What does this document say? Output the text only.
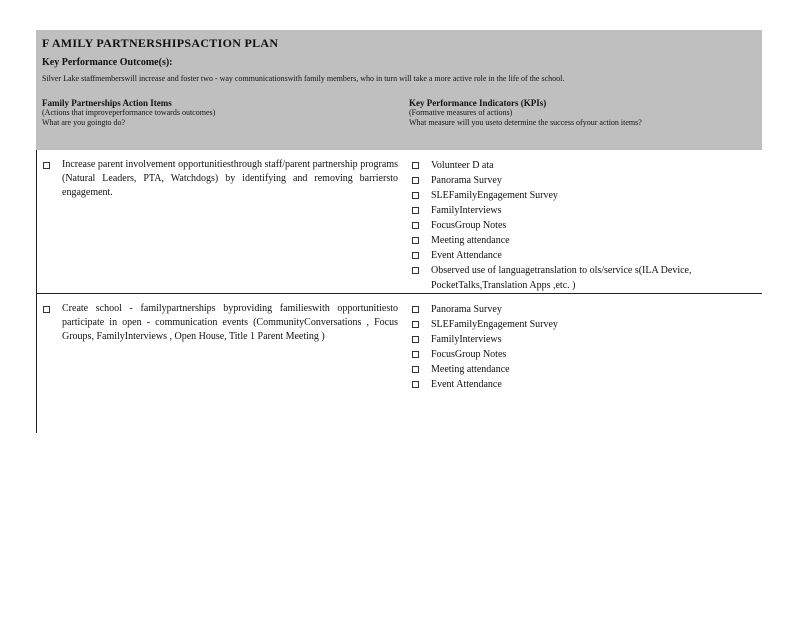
F AMILY PARTNERSHIPSACTION PLAN
Key Performance Outcome(s):
Silver Lake staffmemberswill increase and foster two - way communicationswith family members, who in turn will take a more active role in the life of the school.
Family Partnerships Action Items
(Actions that improveperformance towards outcomes)
What are you goingto do?
Key Performance Indicators (KPIs)
(Formative measures of actions)
What measure will you useto determine the success ofyour action items?
Increase parent involvement opportunitiesthrough staff/parent partnership programs (Natural Leaders, PTA, Watchdogs) by identifying and removing barriersto engagement.
Volunteer D ata
Panorama Survey
SLEFamilyEngagement Survey
FamilyInterviews
FocusGroup Notes
Meeting attendance
Event Attendance
Observed use of languagetranslation to ols/service s(ILA Device, PocketTalks,Translation Apps ,etc. )
Create school - familypartnerships byproviding familieswith opportunitiesto participate in open - communication events (CommunityConversations , Focus Groups, FamilyInterviews , Open House, Title 1 Parent Meeting )
Panorama Survey
SLEFamilyEngagement Survey
FamilyInterviews
FocusGroup Notes
Meeting attendance
Event Attendance
